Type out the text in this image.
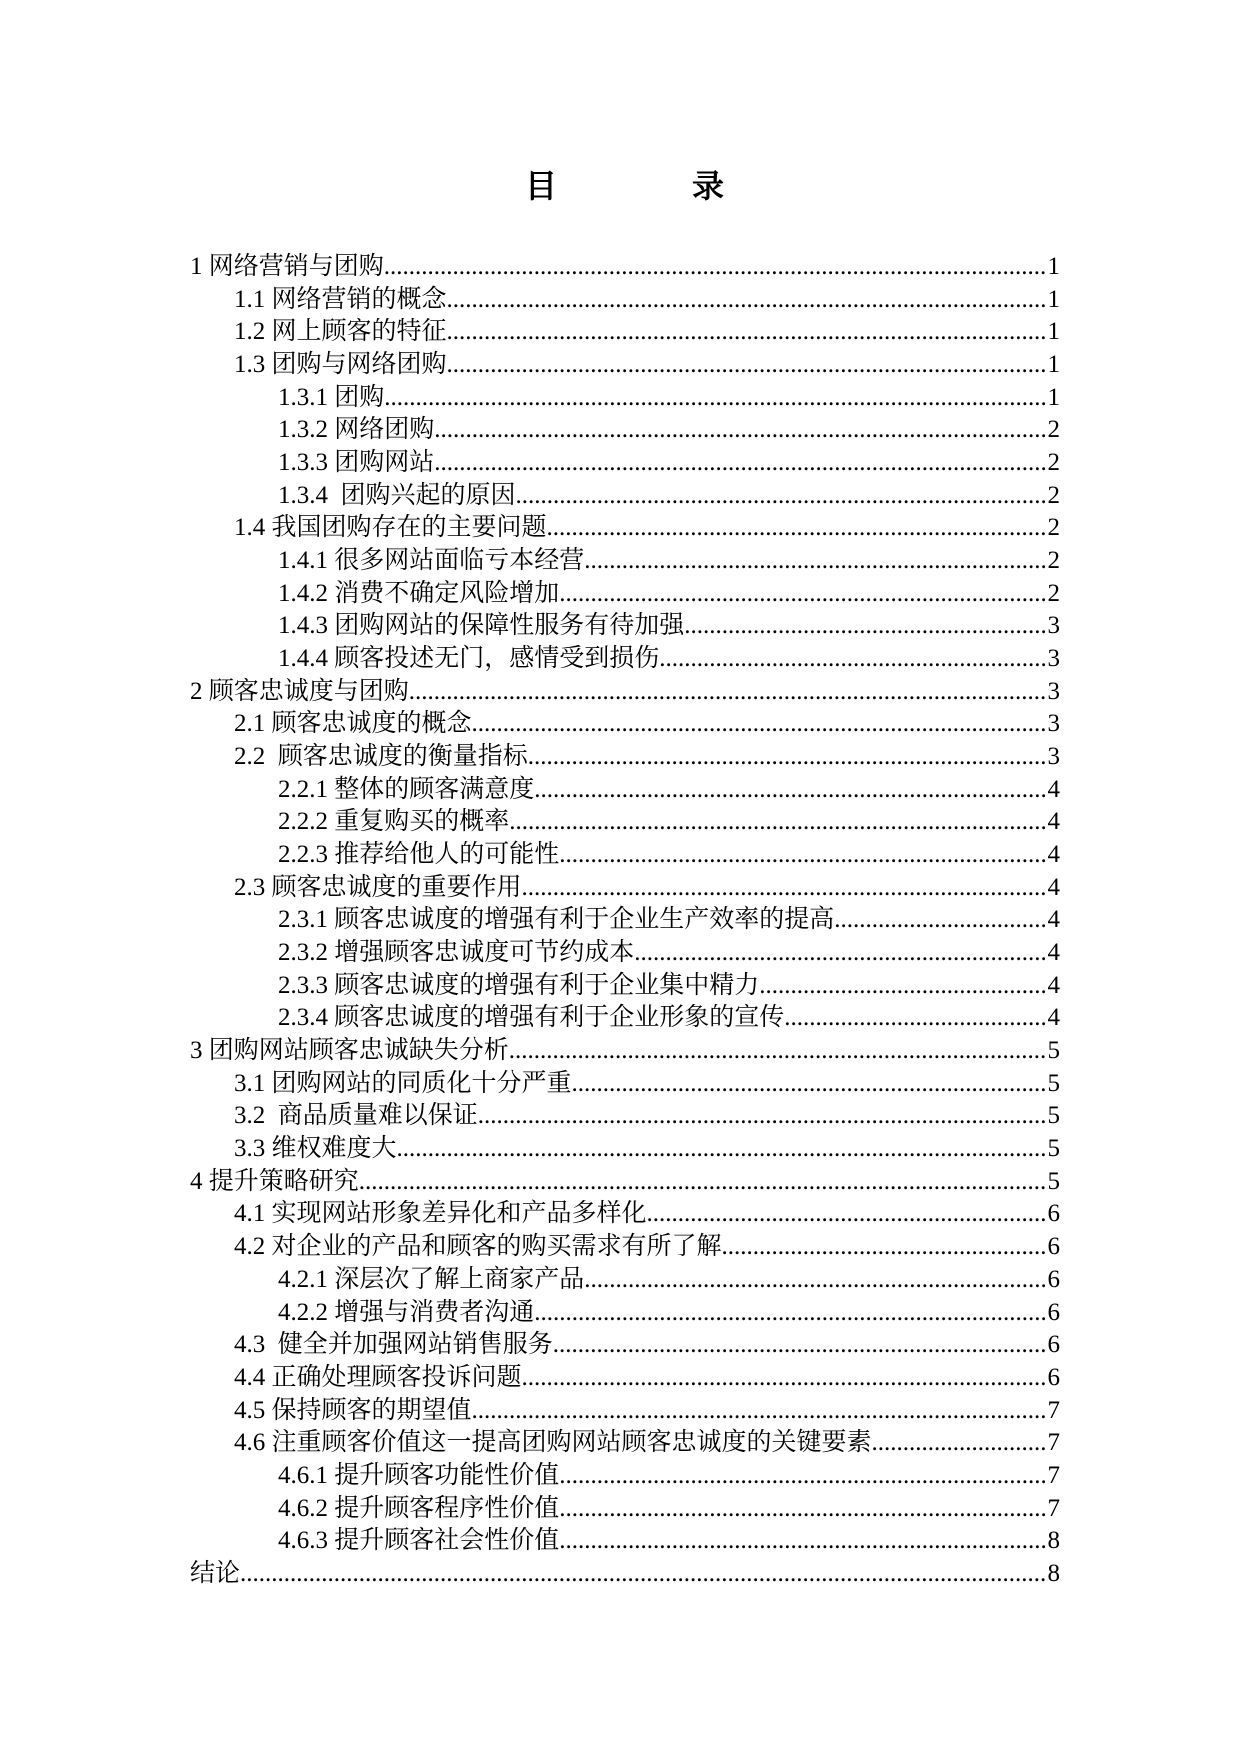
目录
1 网络营销与团购 .....	1
1.1 网络营销的概念 .....	1
1.2 网上顾客的特征 .....	1
1.3 团购与网络团购 .....	1
1.3.1 团购 .....	1
1.3.2 网络团购 .....	2
1.3.3 团购网站 .....	2
1.3.4  团购兴起的原因 .....	2
1.4 我国团购存在的主要问题 .....	2
1.4.1 很多网站面临亏本经营 .....	2
1.4.2 消费不确定风险增加 .....	2
1.4.3 团购网站的保障性服务有待加强 .....	3
1.4.4 顾客投述无门，感情受到损伤 .....	3
2 顾客忠诚度与团购 .....	3
2.1 顾客忠诚度的概念 .....	3
2.2  顾客忠诚度的衡量指标 .....	3
2.2.1 整体的顾客满意度 .....	4
2.2.2 重复购买的概率 .....	4
2.2.3 推荐给他人的可能性 .....	4
2.3 顾客忠诚度的重要作用 .....	4
2.3.1 顾客忠诚度的增强有利于企业生产效率的提高 .....	4
2.3.2 增强顾客忠诚度可节约成本 .....	4
2.3.3 顾客忠诚度的增强有利于企业集中精力 .....	4
2.3.4 顾客忠诚度的增强有利于企业形象的宣传 .....	4
3 团购网站顾客忠诚缺失分析 .....	5
3.1 团购网站的同质化十分严重 .....	5
3.2  商品质量难以保证 .....	5
3.3 维权难度大 .....	5
4 提升策略研究 .....	5
4.1 实现网站形象差异化和产品多样化 .....	6
4.2 对企业的产品和顾客的购买需求有所了解 .....	6
4.2.1 深层次了解上商家产品 .....	6
4.2.2 增强与消费者沟通 .....	6
4.3  健全并加强网站销售服务 .....	6
4.4 正确处理顾客投诉问题 .....	6
4.5 保持顾客的期望值 .....	7
4.6 注重顾客价值这一提高团购网站顾客忠诚度的关键要素 .....	7
4.6.1 提升顾客功能性价值 .....	7
4.6.2 提升顾客程序性价值 .....	7
4.6.3 提升顾客社会性价值 .....	8
结论 .....	8
